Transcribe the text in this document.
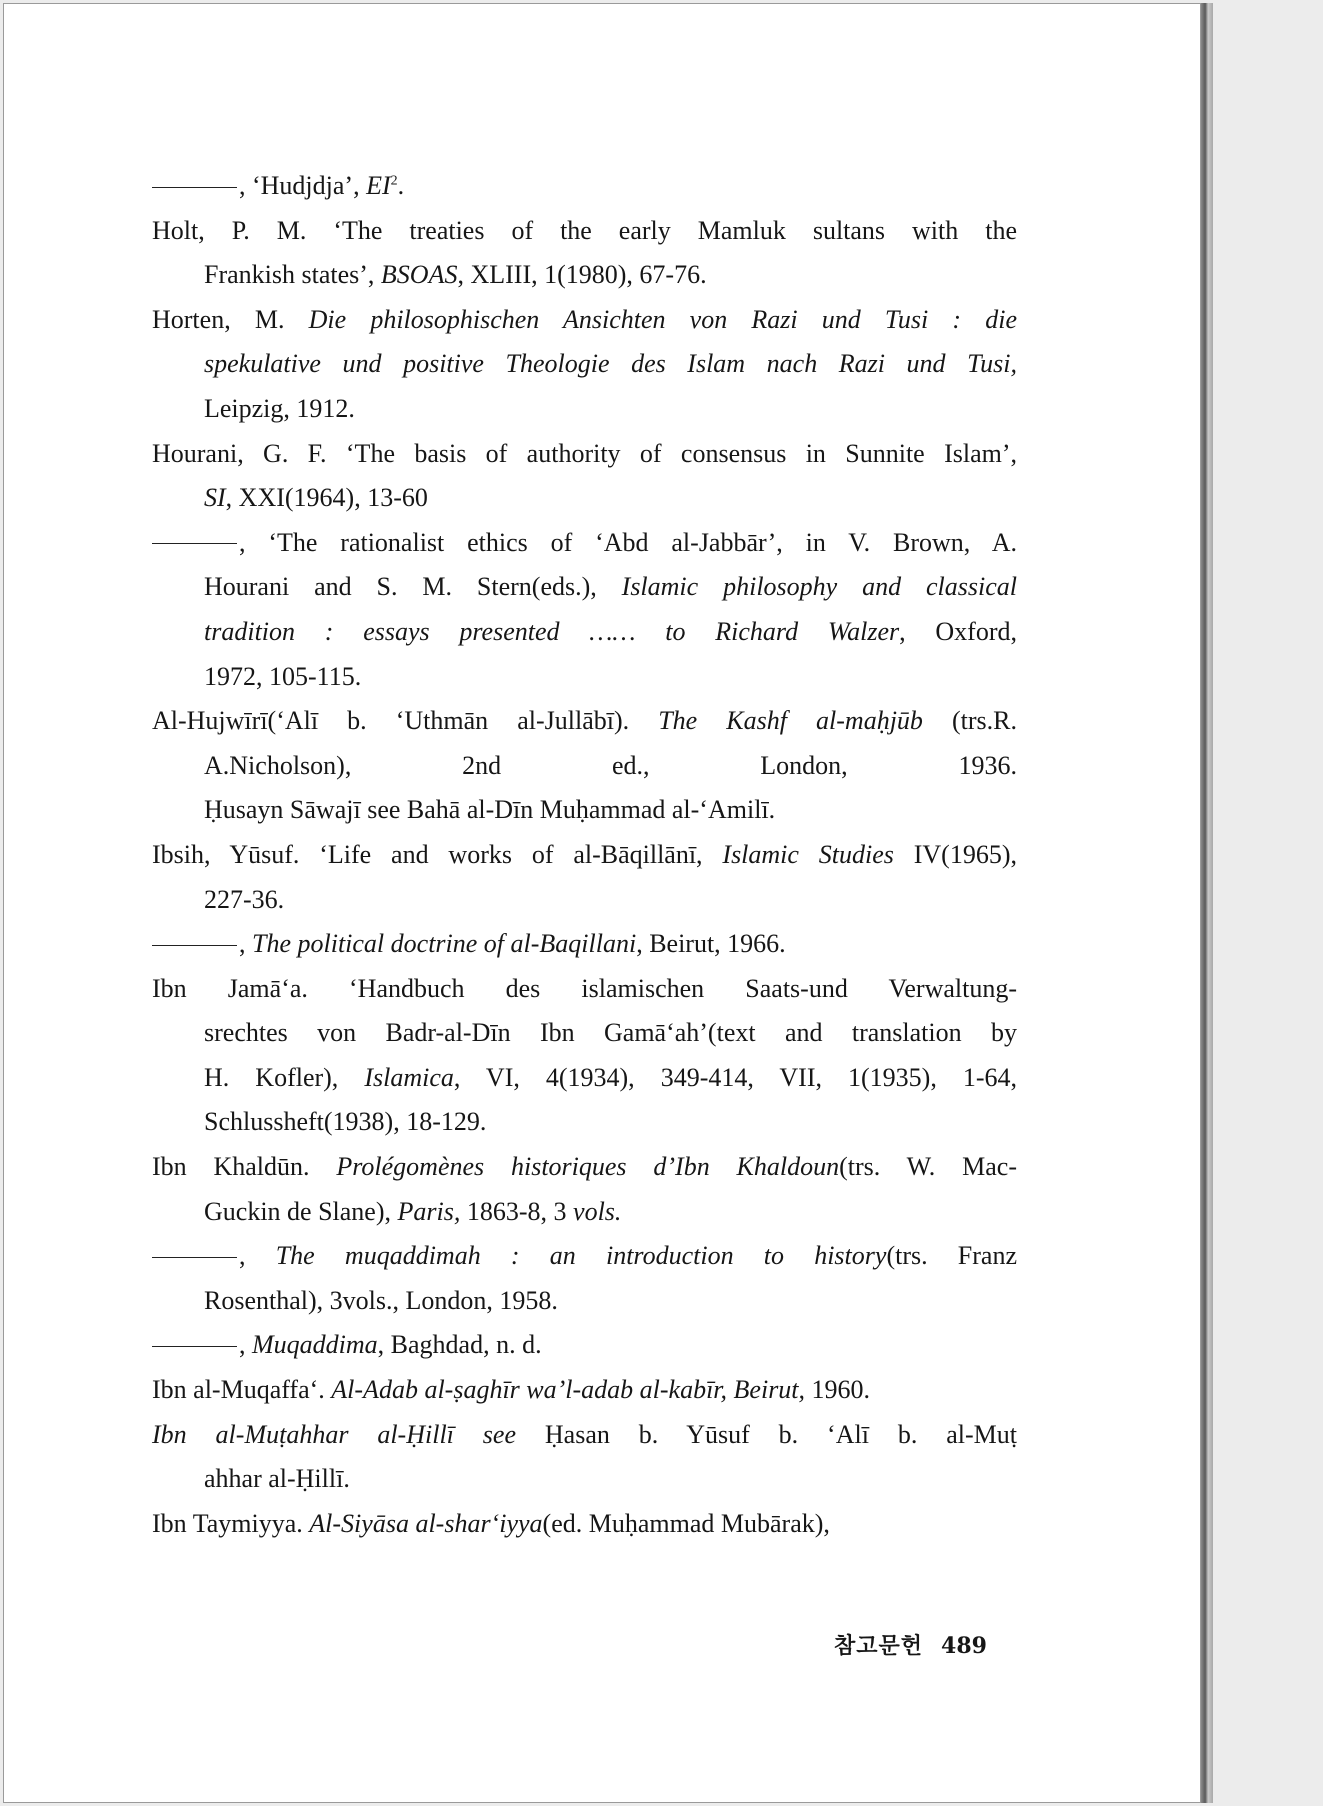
, ‘Hudjdja’, $EI^2$.
Holt, P. M. ‘The treaties of the early Mamluk sultans with the
Frankish states’, BSOAS, XLIII, 1(1980), 67-76.
Horten, M. Die philosophischen Ansichten von Razi und Tusi : die
spekulative und positive Theologie des Islam nach Razi und Tusi,
Leipzig, 1912.
Hourani, G. F. ‘The basis of authority of consensus in Sunnite Islam’,
SI, XXI(1964), 13-60
, ‘The rationalist ethics of ‘Abd al-Jabbār’, in V. Brown, A.
Hourani and S. M. Stern(eds.), Islamic philosophy and classical
tradition : essays presented …… to Richard Walzer, Oxford,
1972, 105-115.
Al-Hujwīrī(‘Alī b. ‘Uthmān al-Jullābī). The Kashf al-maḥjūb (trs.R.
A.Nicholson), 2nd ed., London, 1936.
Ḥusayn Sāwajī see Bahā al-Dīn Muḥammad al-‘Amilī.
Ibsih, Yūsuf. ‘Life and works of al-Bāqillānī, Islamic Studies IV(1965),
227-36.
, The political doctrine of al-Baqillani, Beirut, 1966.
Ibn Jamā‘a. ‘Handbuch des islamischen Saats-und Verwaltung-
srechtes von Badr-al-Dīn Ibn Gamā‘ah’(text and translation by
H. Kofler), Islamica, VI, 4(1934), 349-414, VII, 1(1935), 1-64,
Schlussheft(1938), 18-129.
Ibn Khaldūn. Prolégomènes historiques d’Ibn Khaldoun(trs. W. Mac-
Guckin de Slane), Paris, 1863-8, 3 vols.
, The muqaddimah : an introduction to history(trs. Franz
Rosenthal), 3vols., London, 1958.
, Muqaddima, Baghdad, n. d.
Ibn al-Muqaffa‘. Al-Adab al-ṣaghīr wa’l-adab al-kabīr, Beirut, 1960.
Ibn al-Muṭahhar al-Ḥillī see Ḥasan b. Yūsuf b. ‘Alī b. al-Muṭ
ahhar al-Ḥillī.
Ibn Taymiyya. Al-Siyāsa al-shar‘iyya(ed. Muḥammad Mubārak),
참고문헌 489
